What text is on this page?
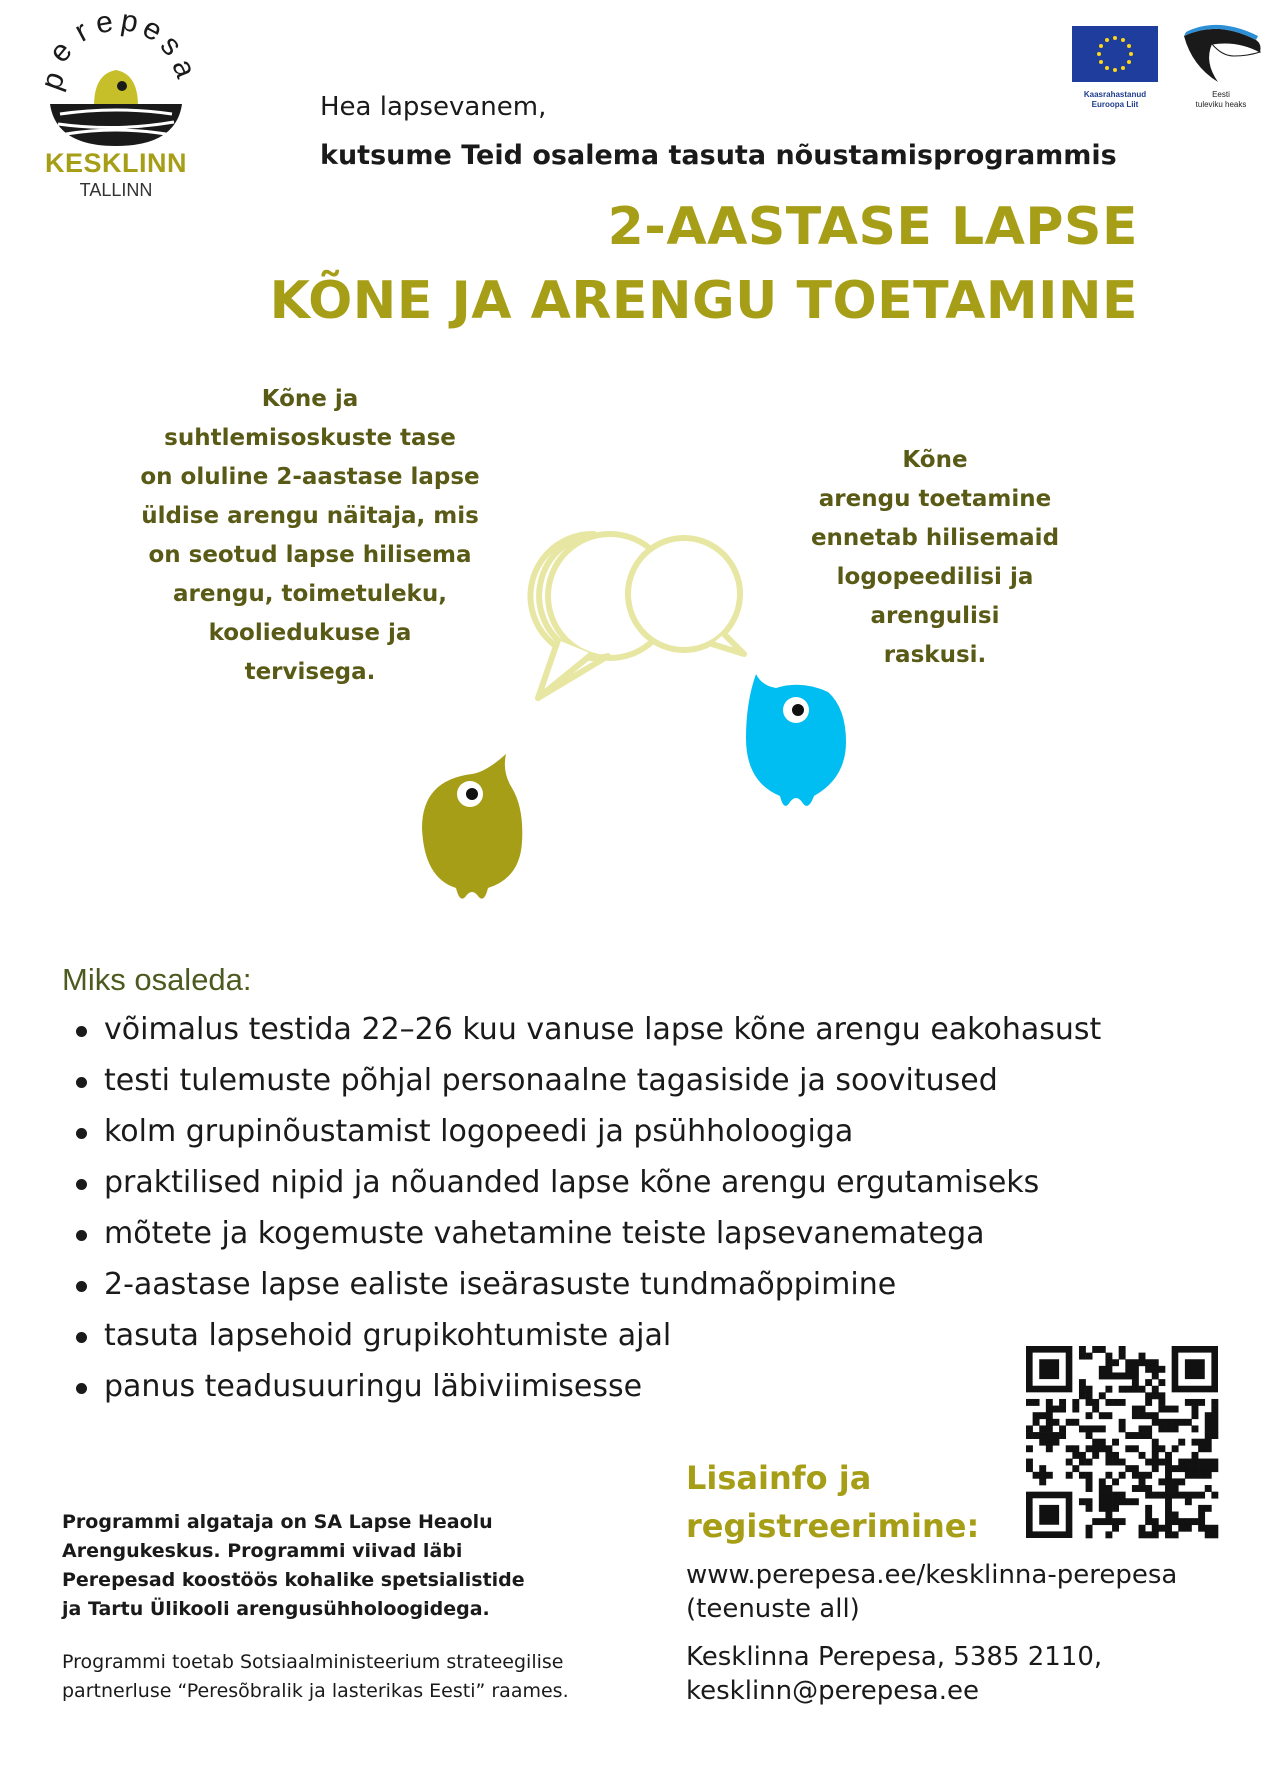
p
e
r e p
e
s
a
KESKLINN
TALLINN
Kaasrahastanud
Euroopa Liit
Eesti
tuleviku heaks
Hea lapsevanem,
kutsume Teid osalema tasuta nõustamisprogrammis
2-AASTASE LAPSE
KÕNE JA ARENGU TOETAMINE
Kõne ja
suhtlemisoskuste tase
on oluline 2-aastase lapse
üldise arengu näitaja, mis
on seotud lapse hilisema
arengu, toimetuleku,
kooliedukuse ja
tervisega.
Kõne
arengu toetamine
ennetab hilisemaid
logopeedilisi ja
arengulisi
raskusi.
Miks osaleda:
võimalus testida 22–26 kuu vanuse lapse kõne arengu eakohasust
testi tulemuste põhjal personaalne tagasiside ja soovitused
kolm grupinõustamist logopeedi ja psühholoogiga
praktilised nipid ja nõuanded lapse kõne arengu ergutamiseks
mõtete ja kogemuste vahetamine teiste lapsevanematega
2-aastase lapse ealiste iseärasuste tundmaõppimine
tasuta lapsehoid grupikohtumiste ajal
panus teadusuuringu läbiviimisesse
Lisainfo ja
registreerimine:
www.perepesa.ee/kesklinna-perepesa
(teenuste all)
Kesklinna Perepesa, 5385 2110,
kesklinn@perepesa.ee
Programmi algataja on SA Lapse Heaolu
Arengukeskus. Programmi viivad läbi
Perepesad koostöös kohalike spetsialistide
ja Tartu Ülikooli arengusühholoogidega.
Programmi toetab Sotsiaalministeerium strateegilise
partnerluse “Peresõbralik ja lasterikas Eesti” raames.
